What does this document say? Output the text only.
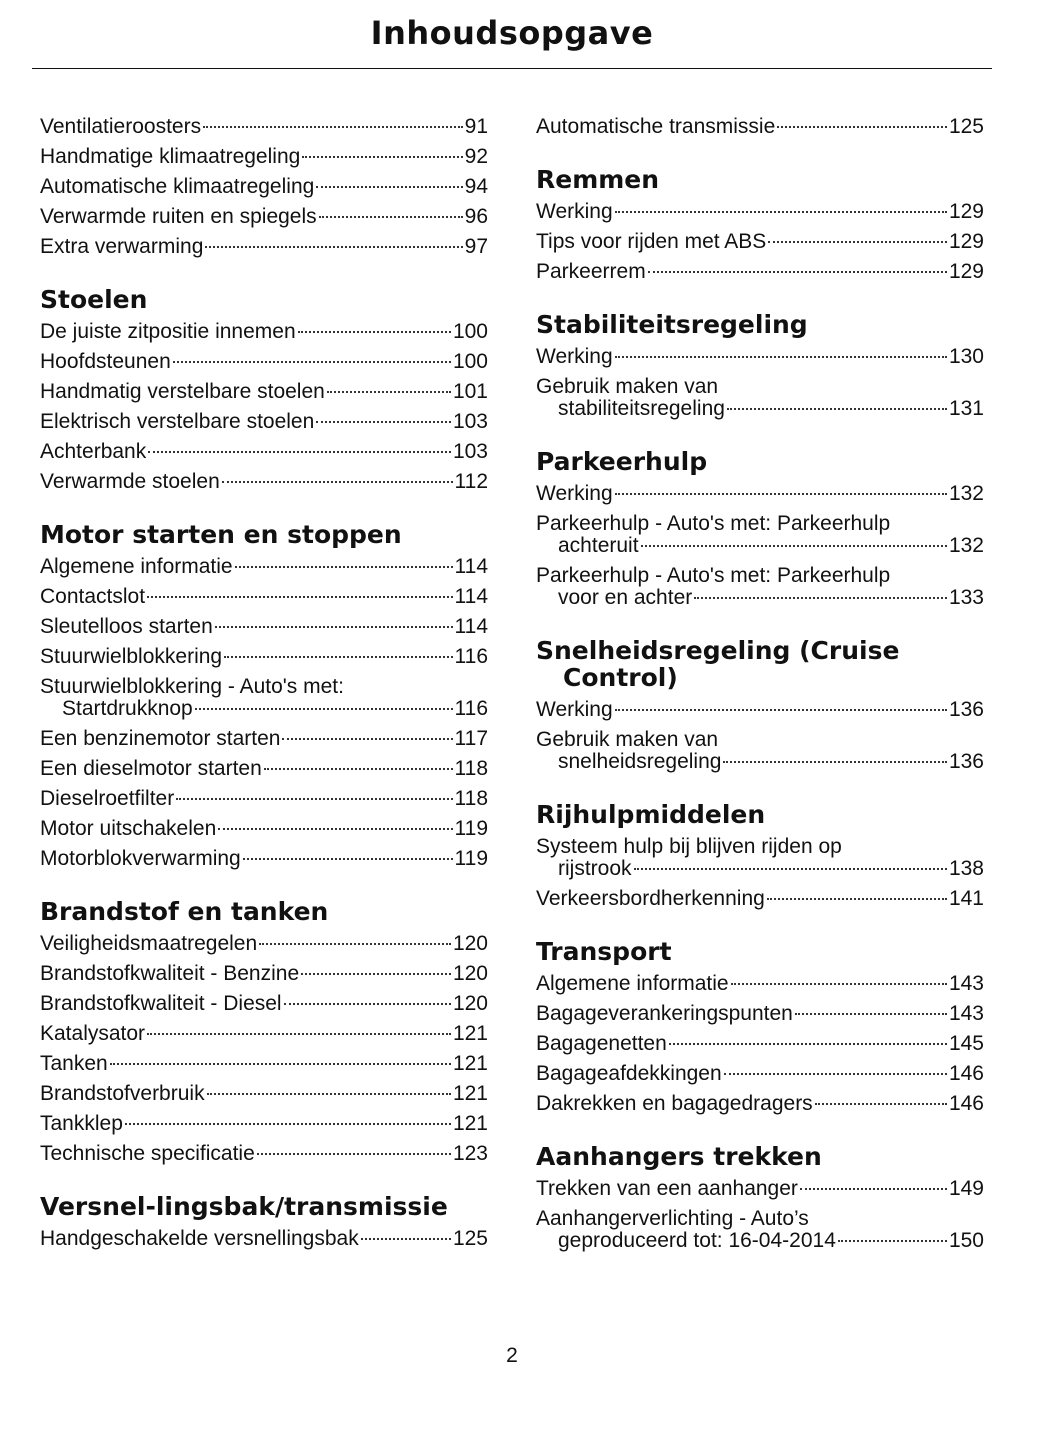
Inhoudsopgave
Ventilatieroosters	91
Handmatige klimaatregeling	92
Automatische klimaatregeling	94
Verwarmde ruiten en spiegels	96
Extra verwarming	97
Stoelen
De juiste zitpositie innemen	100
Hoofdsteunen	100
Handmatig verstelbare stoelen	101
Elektrisch verstelbare stoelen	103
Achterbank	103
Verwarmde stoelen	112
Motor starten en stoppen
Algemene informatie	114
Contactslot	114
Sleutelloos starten	114
Stuurwielblokkering	116
Stuurwielblokkering - Auto's met:
Startdrukknop	116
Een benzinemotor starten	117
Een dieselmotor starten	118
Dieselroetfilter	118
Motor uitschakelen	119
Motorblokverwarming	119
Brandstof en tanken
Veiligheidsmaatregelen	120
Brandstofkwaliteit - Benzine	120
Brandstofkwaliteit - Diesel	120
Katalysator	121
Tanken	121
Brandstofverbruik	121
Tankklep	121
Technische specificatie	123
Versnel-lingsbak/transmissie
Handgeschakelde versnellingsbak	125
Automatische transmissie	125
Remmen
Werking	129
Tips voor rijden met ABS	129
Parkeerrem	129
Stabiliteitsregeling
Werking	130
Gebruik maken van
stabiliteitsregeling	131
Parkeerhulp
Werking	132
Parkeerhulp - Auto's met: Parkeerhulp
achteruit	132
Parkeerhulp - Auto's met: Parkeerhulp
voor en achter	133
Snelheidsregeling (Cruise Control)
Werking	136
Gebruik maken van
snelheidsregeling	136
Rijhulpmiddelen
Systeem hulp bij blijven rijden op
rijstrook	138
Verkeersbordherkenning	141
Transport
Algemene informatie	143
Bagageverankeringspunten	143
Bagagenetten	145
Bagageafdekkingen	146
Dakrekken en bagagedragers	146
Aanhangers trekken
Trekken van een aanhanger	149
Aanhangerverlichting - Auto’s
geproduceerd tot: 16-04-2014	150
2
